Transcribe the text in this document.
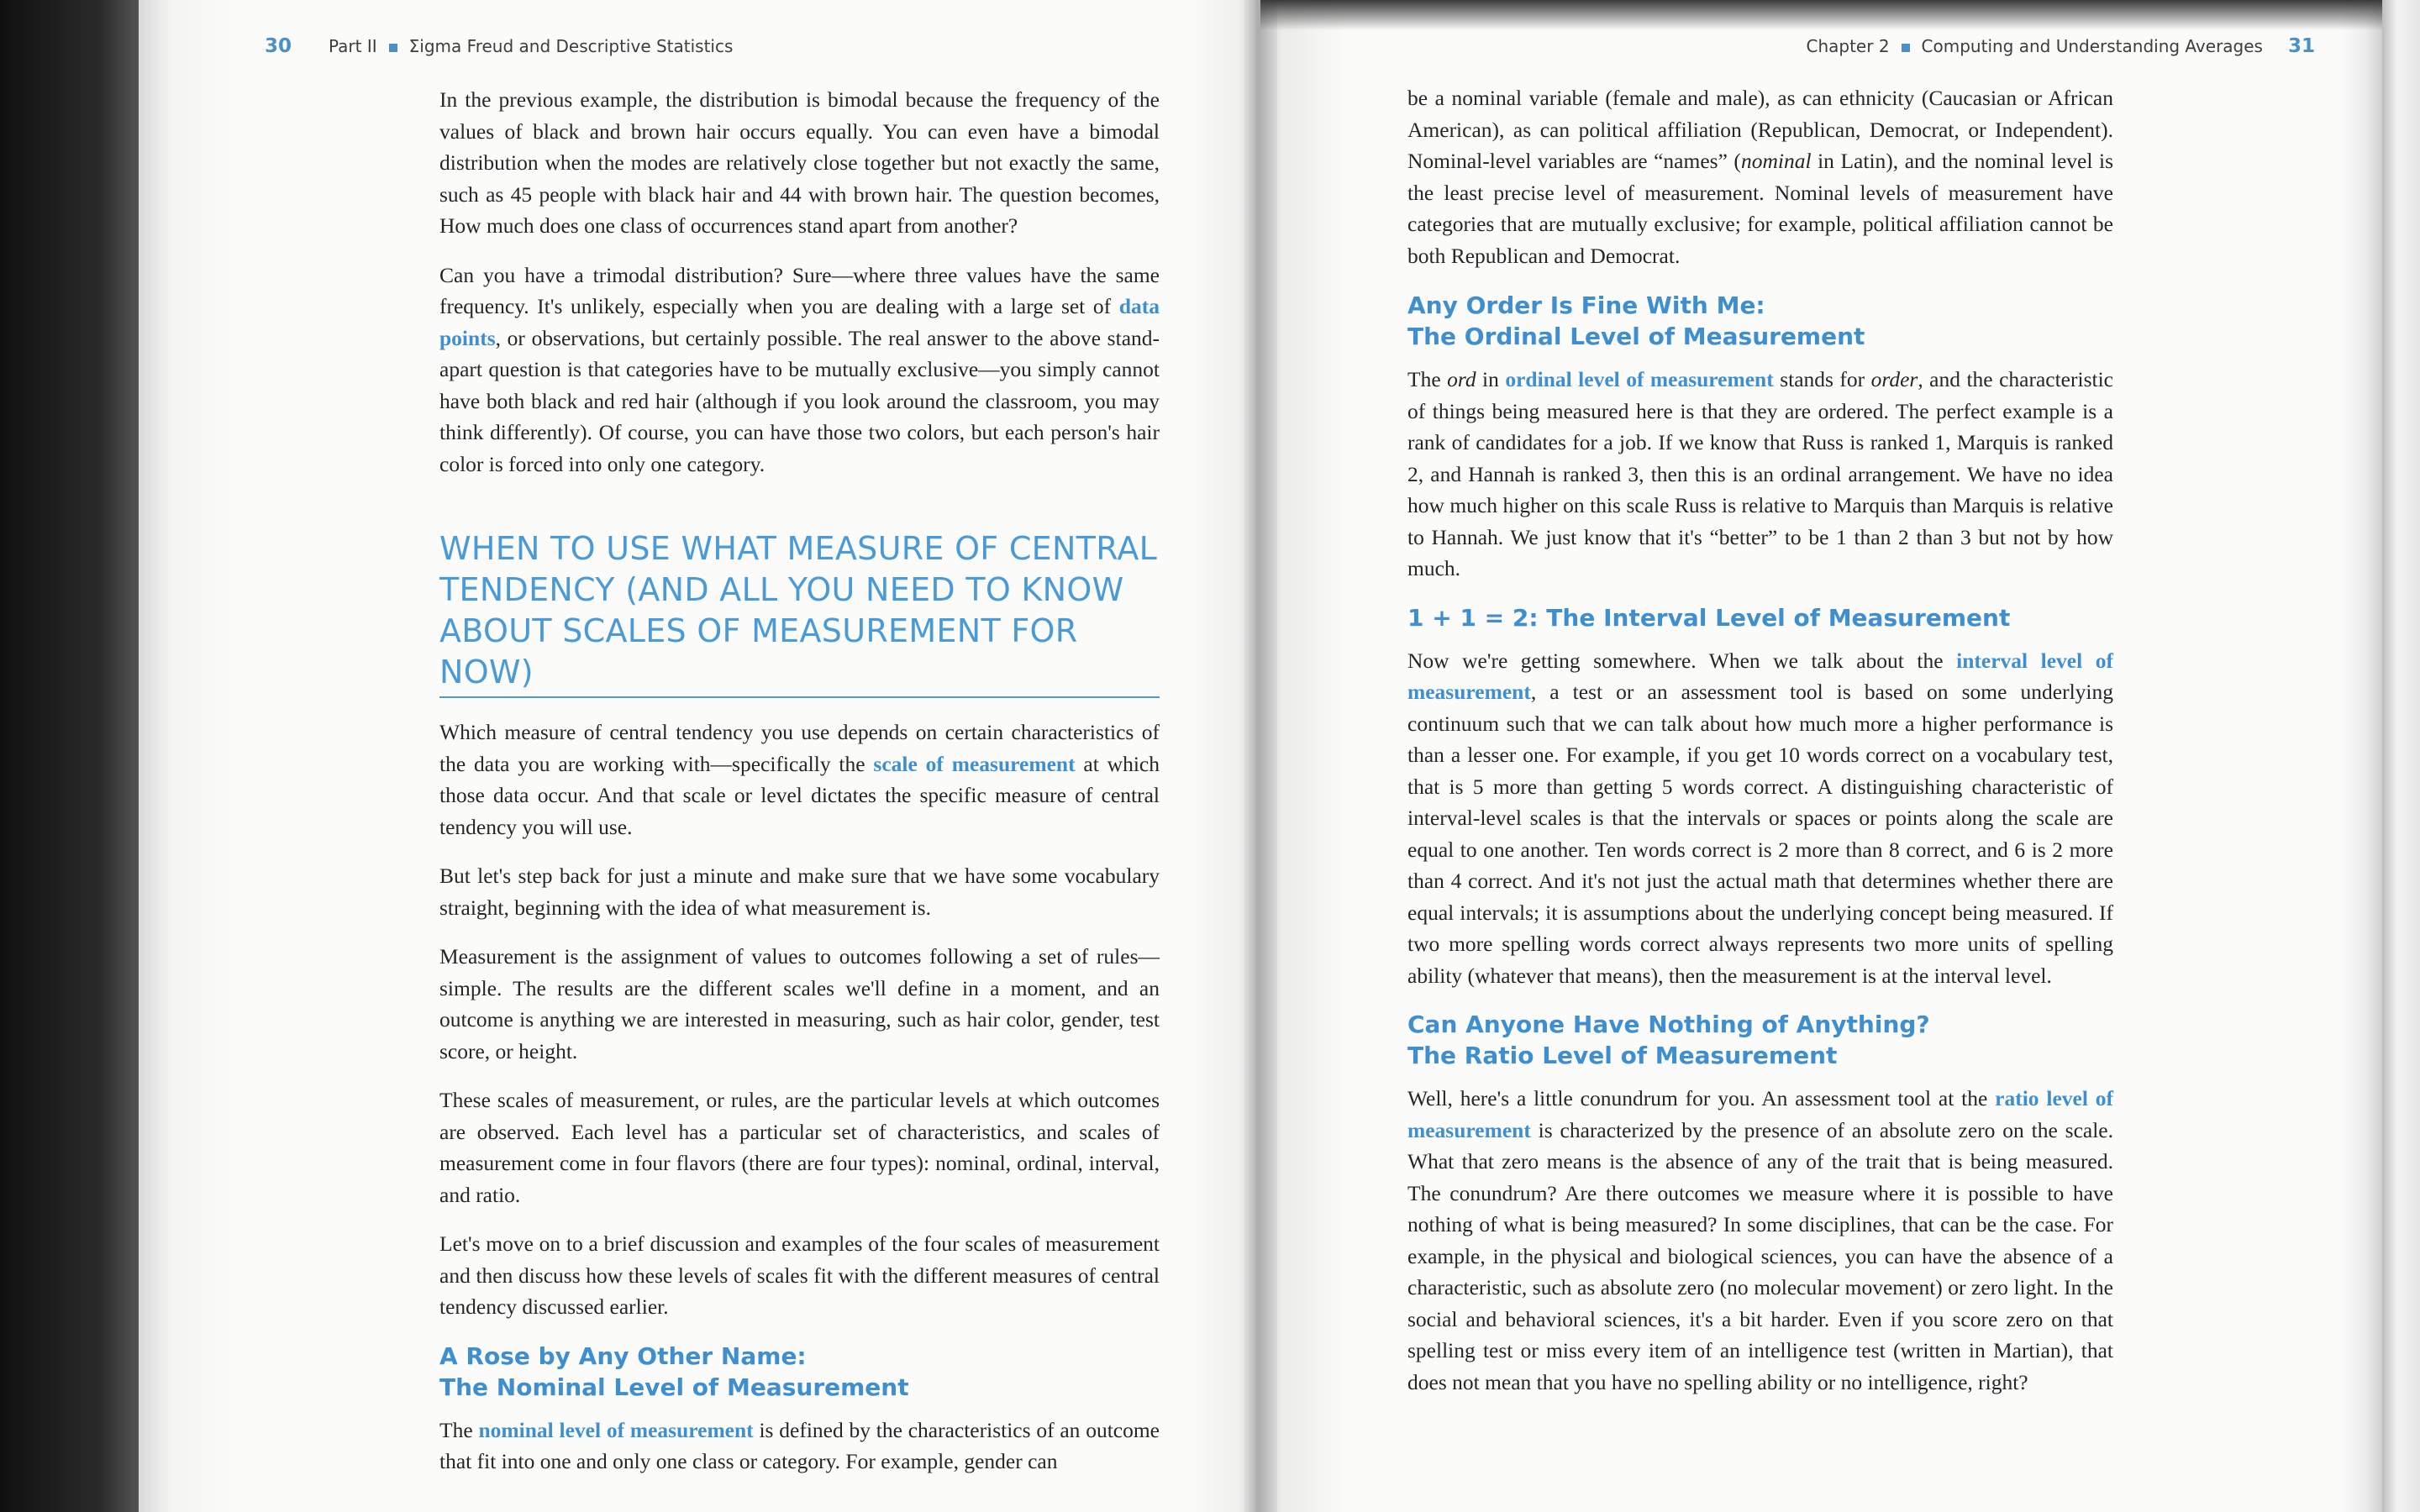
30 Part II Σigma Freud and Descriptive Statistics

In the previous example, the distribution is bimodal because the frequency of the values of black and brown hair occurs equally. You can even have a bimodal distribution when the modes are relatively close together but not exactly the same, such as 45 people with black hair and 44 with brown hair. The question becomes, How much does one class of occurrences stand apart from another?

Can you have a trimodal distribution? Sure—where three values have the same frequency. It's unlikely, especially when you are dealing with a large set of data points, or observations, but certainly possible. The real answer to the above stand-apart question is that categories have to be mutually exclusive—you simply cannot have both black and red hair (although if you look around the classroom, you may think differently). Of course, you can have those two colors, but each person's hair color is forced into only one category.

WHEN TO USE WHAT MEASURE OF CENTRAL TENDENCY (AND ALL YOU NEED TO KNOW ABOUT SCALES OF MEASUREMENT FOR NOW)

Which measure of central tendency you use depends on certain characteristics of the data you are working with—specifically the scale of measurement at which those data occur. And that scale or level dictates the specific measure of central tendency you will use.

But let's step back for just a minute and make sure that we have some vocabulary straight, beginning with the idea of what measurement is.

Measurement is the assignment of values to outcomes following a set of rules—simple. The results are the different scales we'll define in a moment, and an outcome is anything we are interested in measuring, such as hair color, gender, test score, or height.

These scales of measurement, or rules, are the particular levels at which outcomes are observed. Each level has a particular set of characteristics, and scales of measurement come in four flavors (there are four types): nominal, ordinal, interval, and ratio.

Let's move on to a brief discussion and examples of the four scales of measurement and then discuss how these levels of scales fit with the different measures of central tendency discussed earlier.

A Rose by Any Other Name:
The Nominal Level of Measurement

The nominal level of measurement is defined by the characteristics of an outcome that fit into one and only one class or category. For example, gender can

Chapter 2 Computing and Understanding Averages 31

be a nominal variable (female and male), as can ethnicity (Caucasian or African American), as can political affiliation (Republican, Democrat, or Independent). Nominal-level variables are “names” (nominal in Latin), and the nominal level is the least precise level of measurement. Nominal levels of measurement have categories that are mutually exclusive; for example, political affiliation cannot be both Republican and Democrat.

Any Order Is Fine With Me:
The Ordinal Level of Measurement

The ord in ordinal level of measurement stands for order, and the characteristic of things being measured here is that they are ordered. The perfect example is a rank of candidates for a job. If we know that Russ is ranked 1, Marquis is ranked 2, and Hannah is ranked 3, then this is an ordinal arrangement. We have no idea how much higher on this scale Russ is relative to Marquis than Marquis is relative to Hannah. We just know that it's “better” to be 1 than 2 than 3 but not by how much.

1 + 1 = 2: The Interval Level of Measurement

Now we're getting somewhere. When we talk about the interval level of measurement, a test or an assessment tool is based on some underlying continuum such that we can talk about how much more a higher performance is than a lesser one. For example, if you get 10 words correct on a vocabulary test, that is 5 more than getting 5 words correct. A distinguishing characteristic of interval-level scales is that the intervals or spaces or points along the scale are equal to one another. Ten words correct is 2 more than 8 correct, and 6 is 2 more than 4 correct. And it's not just the actual math that determines whether there are equal intervals; it is assumptions about the underlying concept being measured. If two more spelling words correct always represents two more units of spelling ability (whatever that means), then the measurement is at the interval level.

Can Anyone Have Nothing of Anything?
The Ratio Level of Measurement

Well, here's a little conundrum for you. An assessment tool at the ratio level of measurement is characterized by the presence of an absolute zero on the scale. What that zero means is the absence of any of the trait that is being measured. The conundrum? Are there outcomes we measure where it is possible to have nothing of what is being measured? In some disciplines, that can be the case. For example, in the physical and biological sciences, you can have the absence of a characteristic, such as absolute zero (no molecular movement) or zero light. In the social and behavioral sciences, it's a bit harder. Even if you score zero on that spelling test or miss every item of an intelligence test (written in Martian), that does not mean that you have no spelling ability or no intelligence, right?
